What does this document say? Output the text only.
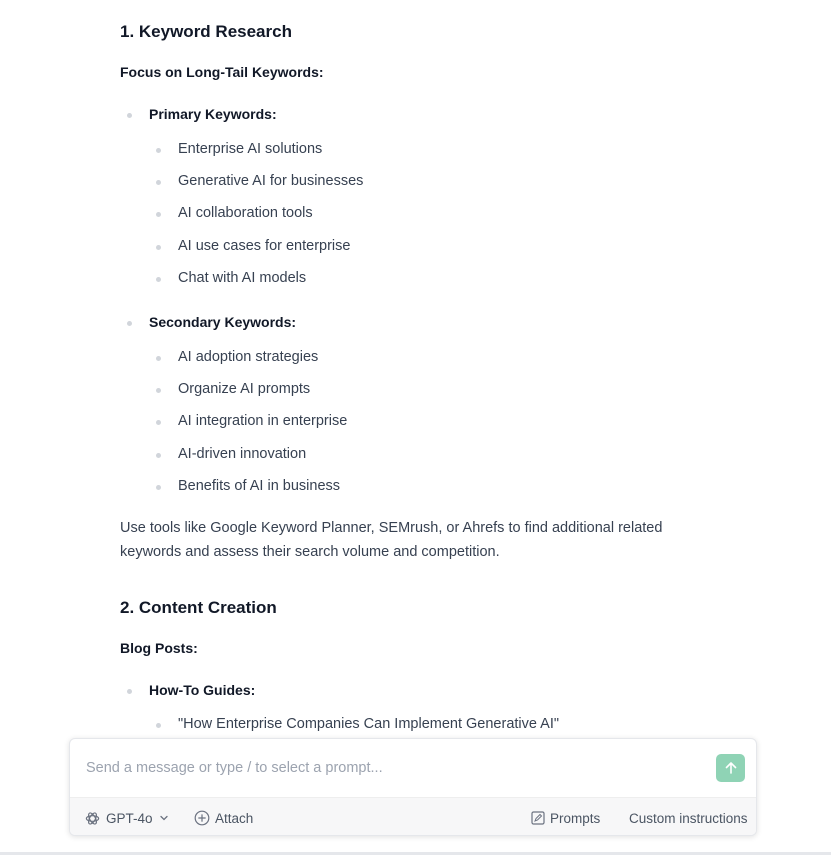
1. Keyword Research
Focus on Long-Tail Keywords:
Primary Keywords:
Enterprise AI solutions
Generative AI for businesses
AI collaboration tools
AI use cases for enterprise
Chat with AI models
Secondary Keywords:
AI adoption strategies
Organize AI prompts
AI integration in enterprise
AI-driven innovation
Benefits of AI in business
Use tools like Google Keyword Planner, SEMrush, or Ahrefs to find additional related keywords and assess their search volume and competition.
2. Content Creation
Blog Posts:
How-To Guides:
"How Enterprise Companies Can Implement Generative AI"
Send a message or type / to select a prompt...
GPT-4o	Attach	Prompts Custom instructions
